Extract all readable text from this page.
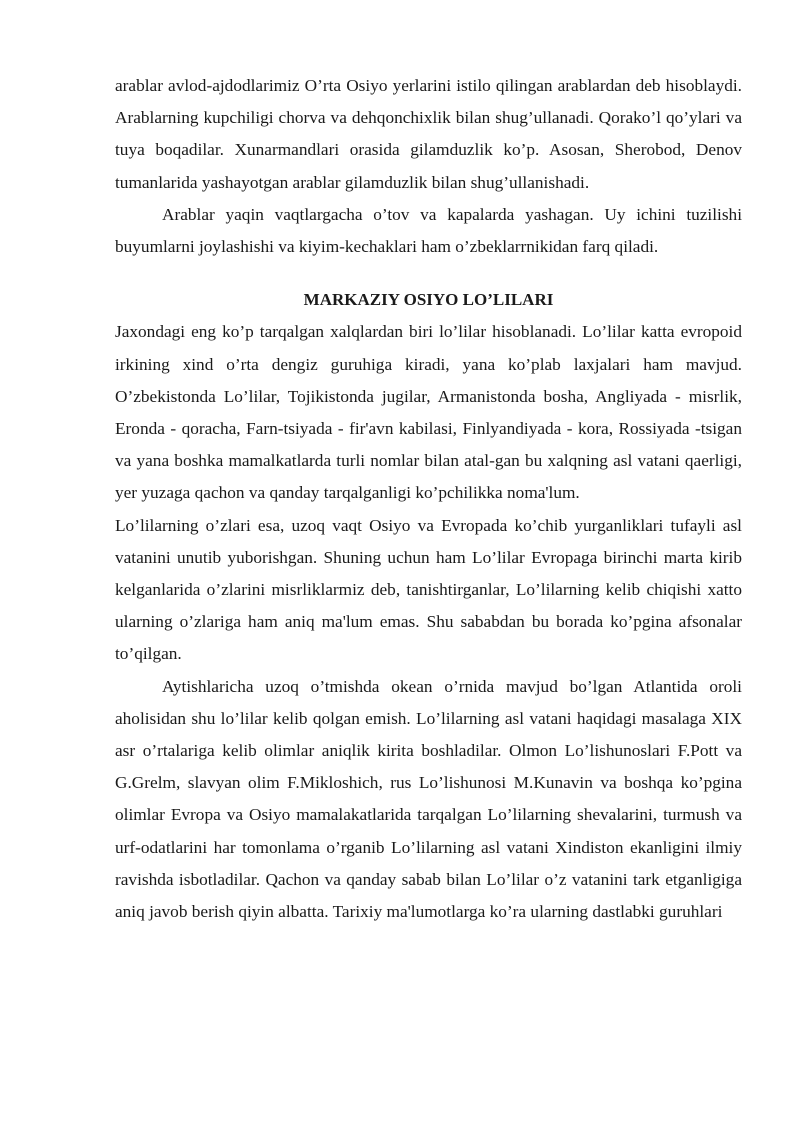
arablar avlod-ajdodlarimiz O’rta Osiyo yerlarini istilo qilingan arablardan deb hisoblaydi. Arablarning kupchiligi chorva va dehqonchixlik bilan shug’ullanadi. Qorako’l qo’ylari va tuya boqadilar. Xunarmandlari orasida gilamduzlik ko’p. Asosan, Sherobod, Denov tumanlarida yashayotgan arablar gilamduzlik bilan shug’ullanishadi.

Arablar yaqin vaqtlargacha o’tov va kapalarda yashagan. Uy ichini tuzilishi buyumlarni joylashishi va kiyim-kechaklari ham o’zbeklarrnikidan farq qiladi.

MARKAZIY OSIYO LO’LILARI

Jaxondagi eng ko’p tarqalgan xalqlardan biri lo’lilar hisoblanadi. Lo’lilar katta evropoid irkining xind o’rta dengiz guruhiga kiradi, yana ko’plab laxjalari ham mavjud. O’zbekistonda Lo’lilar, Tojikistonda jugilar, Armanistonda bosha, Angliyada - misrlik, Eronda - qoracha, Farn-tsiyada - fir'avn kabilasi, Finlyandiyada - kora, Rossiyada -tsigan va yana boshka mamalkatlarda turli nomlar bilan atal-gan bu xalqning asl vatani qaerligi, yer yuzaga qachon va qanday tarqalganligi ko’pchilikka noma'lum.

Lo’lilarning o’zlari esa, uzoq vaqt Osiyo va Evropada ko’chib yurganliklari tufayli asl vatanini unutib yuborishgan. Shuning uchun ham Lo’lilar Evropaga birinchi marta kirib kelganlarida o’zlarini misrliklarmiz deb, tanishtirganlar, Lo’lilarning kelib chiqishi xatto ularning o’zlariga ham aniq ma'lum emas. Shu sababdan bu borada ko’pgina afsonalar to’qilgan.

Aytishlaricha uzoq o’tmishda okean o’rnida mavjud bo’lgan Atlantida oroli aholisidan shu lo’lilar kelib qolgan emish. Lo’lilarning asl vatani haqidagi masalaga XIX asr o’rtalariga kelib olimlar aniqlik kirita boshladilar. Olmon Lo’lishunoslari F.Pott va G.Grelm, slavyan olim F.Mikloshich, rus Lo’lishunosi M.Kunavin va boshqa ko’pgina olimlar Evropa va Osiyo mamalakatlarida tarqalgan Lo’lilarning shevalarini, turmush va urf-odatlarini har tomonlama o’rganib Lo’lilarning asl vatani Xindiston ekanligini ilmiy ravishda isbotladilar. Qachon va qanday sabab bilan Lo’lilar o’z vatanini tark etganligiga aniq javob berish qiyin albatta. Tarixiy ma'lumotlarga ko’ra ularning dastlabki guruhlari
